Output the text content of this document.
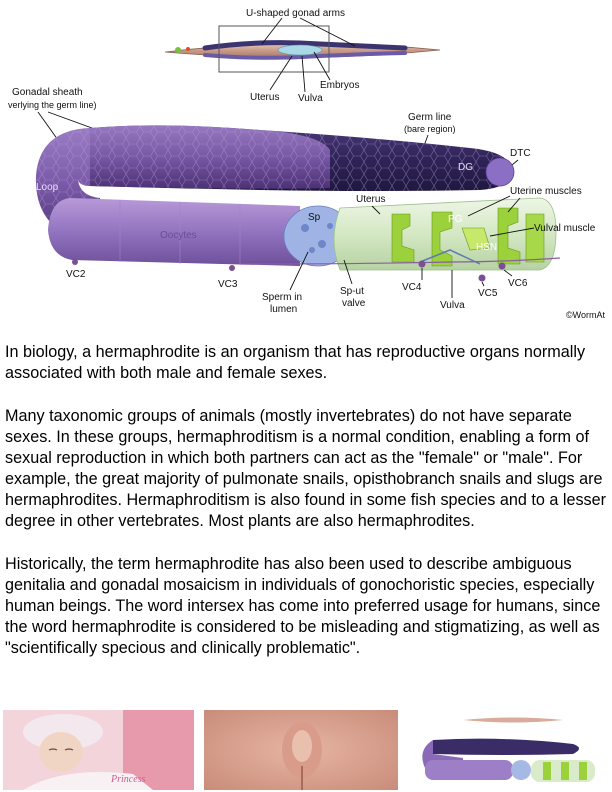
U-shaped gonad arms
Uterus Vulva
Embryos
Gonadal sheath
verlying the germ line)
Germ line
(bare region)
DTC
DG
Loop
Oocytes
Sp
Uterus
PG
Uterine muscles
Vulval muscle
HSN
VC2
VC3	VC4
VC5
VC6
Sperm in
lumen
Sp-ut
valve	Vulva
©WormAt

In biology, a hermaphrodite is an organism that has reproductive organs normally associated with both male and female sexes.

Many taxonomic groups of animals (mostly invertebrates) do not have separate sexes. In these groups, hermaphroditism is a normal condition, enabling a form of sexual reproduction in which both partners can act as the "female" or "male". For example, the great majority of pulmonate snails, opisthobranch snails and slugs are hermaphrodites. Hermaphroditism is also found in some fish species and to a lesser degree in other vertebrates. Most plants are also hermaphrodites.

Historically, the term hermaphrodite has also been used to describe ambiguous genitalia and gonadal mosaicism in individuals of gonochoristic species, especially human beings. The word intersex has come into preferred usage for humans, since the word hermaphrodite is considered to be misleading and stigmatizing, as well as "scientifically specious and clinically problematic".

Princess
